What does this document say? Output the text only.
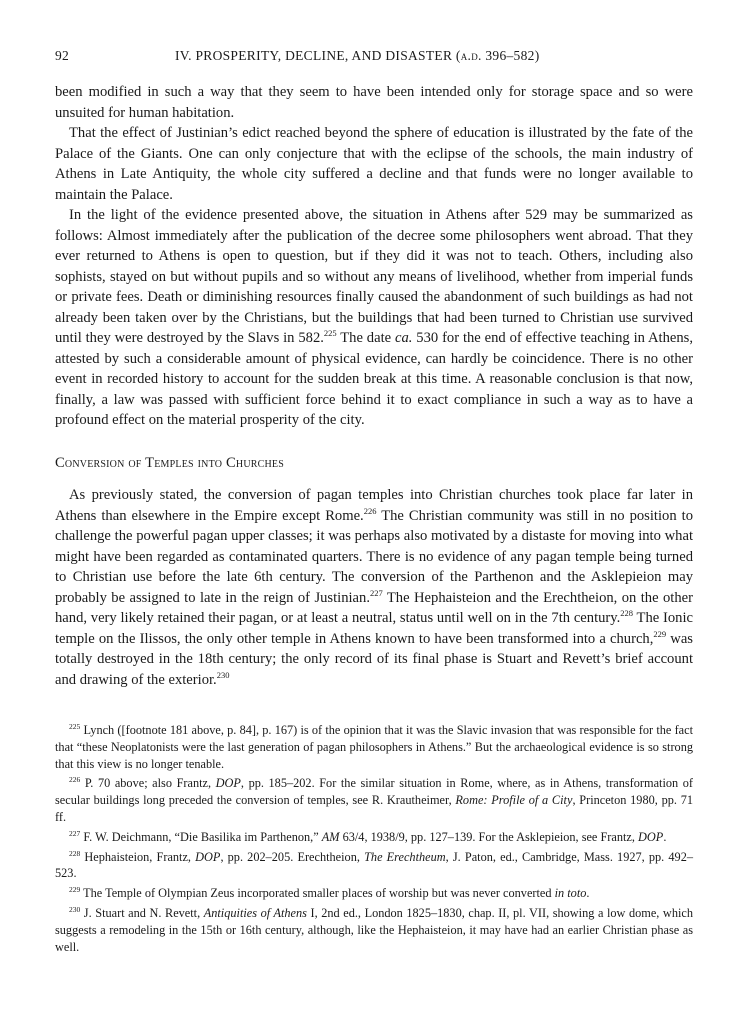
92	IV. PROSPERITY, DECLINE, AND DISASTER (a.d. 396–582)

been modified in such a way that they seem to have been intended only for storage space and so were unsuited for human habitation.

That the effect of Justinian’s edict reached beyond the sphere of education is illustrated by the fate of the Palace of the Giants. One can only conjecture that with the eclipse of the schools, the main industry of Athens in Late Antiquity, the whole city suffered a decline and that funds were no longer available to maintain the Palace.

In the light of the evidence presented above, the situation in Athens after 529 may be summarized as follows: Almost immediately after the publication of the decree some philosophers went abroad. That they ever returned to Athens is open to question, but if they did it was not to teach. Others, including also sophists, stayed on but without pupils and so without any means of livelihood, whether from imperial funds or private fees. Death or diminishing resources finally caused the abandonment of such buildings as had not already been taken over by the Christians, but the buildings that had been turned to Christian use survived until they were destroyed by the Slavs in 582.$^{225}$ The date ca. 530 for the end of effective teaching in Athens, attested by such a considerable amount of physical evidence, can hardly be coincidence. There is no other event in recorded history to account for the sudden break at this time. A reasonable conclusion is that now, finally, a law was passed with sufficient force behind it to exact compliance in such a way as to have a profound effect on the material prosperity of the city.

Conversion of Temples into Churches

As previously stated, the conversion of pagan temples into Christian churches took place far later in Athens than elsewhere in the Empire except Rome.$^{226}$ The Christian community was still in no position to challenge the powerful pagan upper classes; it was perhaps also motivated by a distaste for moving into what might have been regarded as contaminated quarters. There is no evidence of any pagan temple being turned to Christian use before the late 6th century. The conversion of the Parthenon and the Asklepieion may probably be assigned to late in the reign of Justinian.$^{227}$ The Hephaisteion and the Erechtheion, on the other hand, very likely retained their pagan, or at least a neutral, status until well on in the 7th century.$^{228}$ The Ionic temple on the Ilissos, the only other temple in Athens known to have been transformed into a church,$^{229}$ was totally destroyed in the 18th century; the only record of its final phase is Stuart and Revett’s brief account and drawing of the exterior.$^{230}$

$^{225}$ Lynch ([footnote 181 above, p. 84], p. 167) is of the opinion that it was the Slavic invasion that was responsible for the fact that “these Neoplatonists were the last generation of pagan philosophers in Athens.” But the archaeological evidence is so strong that this view is no longer tenable.

$^{226}$ P. 70 above; also Frantz, DOP, pp. 185–202. For the similar situation in Rome, where, as in Athens, transformation of secular buildings long preceded the conversion of temples, see R. Krautheimer, Rome: Profile of a City, Princeton 1980, pp. 71 ff.

$^{227}$ F. W. Deichmann, “Die Basilika im Parthenon,” AM 63/4, 1938/9, pp. 127–139. For the Asklepieion, see Frantz, DOP.

$^{228}$ Hephaisteion, Frantz, DOP, pp. 202–205. Erechtheion, The Erechtheum, J. Paton, ed., Cambridge, Mass. 1927, pp. 492–523.

$^{229}$ The Temple of Olympian Zeus incorporated smaller places of worship but was never converted in toto.

$^{230}$ J. Stuart and N. Revett, Antiquities of Athens I, 2nd ed., London 1825–1830, chap. II, pl. VII, showing a low dome, which suggests a remodeling in the 15th or 16th century, although, like the Hephaisteion, it may have had an earlier Christian phase as well.
